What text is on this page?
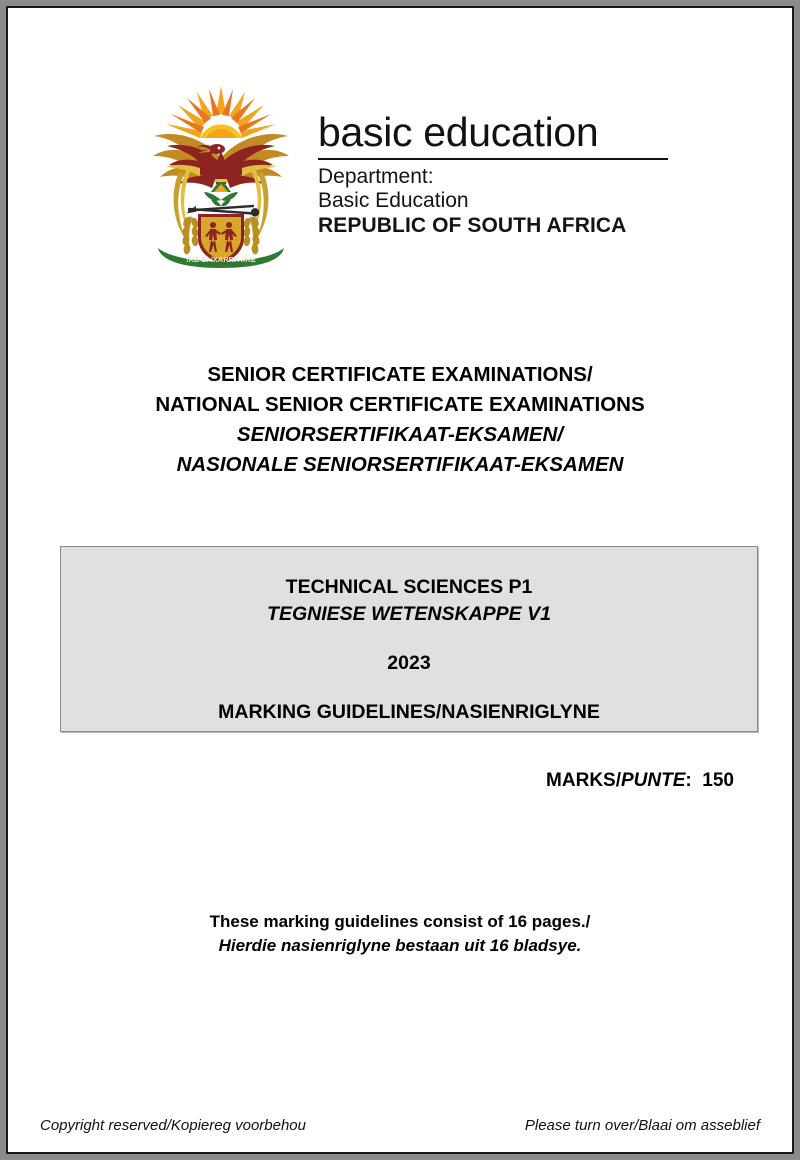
!KE E: /XARRA //KE
basic education
Department:
Basic Education
REPUBLIC OF SOUTH AFRICA
SENIOR CERTIFICATE EXAMINATIONS/
NATIONAL SENIOR CERTIFICATE EXAMINATIONS
SENIORSERTIFIKAAT-EKSAMEN/
NASIONALE SENIORSERTIFIKAAT-EKSAMEN
TECHNICAL SCIENCES P1
TEGNIESE WETENSKAPPE V1
2023
MARKING GUIDELINES/NASIENRIGLYNE
MARKS/PUNTE: 150
These marking guidelines consist of 16 pages./
Hierdie nasienriglyne bestaan uit 16 bladsye.
Copyright reserved/Kopiereg voorbehou	Please turn over/Blaai om asseblief
